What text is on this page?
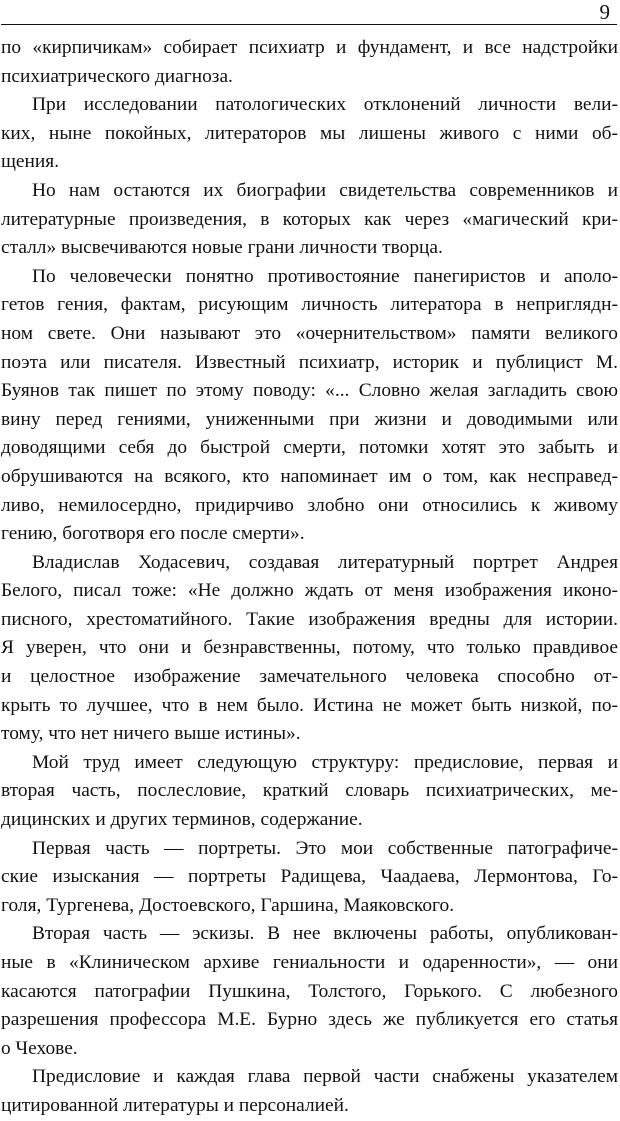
9
по «кирпичикам» собирает психиатр и фундамент, и все надстройки
психиатрического диагноза.
При исследовании патологических отклонений личности вели-
ких, ныне покойных, литераторов мы лишены живого с ними об-
щения.
Но нам остаются их биографии свидетельства современников и
литературные произведения, в которых как через «магический кри-
сталл» высвечиваются новые грани личности творца.
По человечески понятно противостояние панегиристов и аполо-
гетов гения, фактам, рисующим личность литератора в неприглядн-
ном свете. Они называют это «очернительством» памяти великого
поэта или писателя. Известный психиатр, историк и публицист М.
Буянов так пишет по этому поводу: «... Словно желая загладить свою
вину перед гениями, униженными при жизни и доводимыми или
доводящими себя до быстрой смерти, потомки хотят это забыть и
обрушиваются на всякого, кто напоминает им о том, как несправед-
ливо, немилосердно, придирчиво злобно они относились к живому
гению, боготворя его после смерти».
Владислав Ходасевич, создавая литературный портрет Андрея
Белого, писал тоже: «Не должно ждать от меня изображения иконо-
писного, хрестоматийного. Такие изображения вредны для истории.
Я уверен, что они и безнравственны, потому, что только правдивое
и целостное изображение замечательного человека способно от-
крыть то лучшее, что в нем было. Истина не может быть низкой, по-
тому, что нет ничего выше истины».
Мой труд имеет следующую структуру: предисловие, первая и
вторая часть, послесловие, краткий словарь психиатрических, ме-
дицинских и других терминов, содержание.
Первая часть — портреты. Это мои собственные патографиче-
ские изыскания — портреты Радищева, Чаадаева, Лермонтова, Го-
голя, Тургенева, Достоевского, Гаршина, Маяковского.
Вторая часть — эскизы. В нее включены работы, опубликован-
ные в «Клиническом архиве гениальности и одаренности», — они
касаются патографии Пушкина, Толстого, Горького. С любезного
разрешения профессора М.Е. Бурно здесь же публикуется его статья
о Чехове.
Предисловие и каждая глава первой части снабжены указателем
цитированной литературы и персоналией.
